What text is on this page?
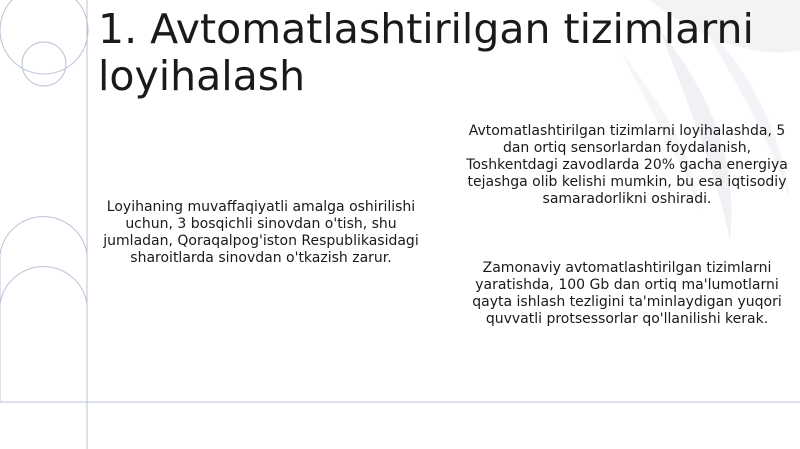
1. Avtomatlashtirilgan tizimlarni loyihalash

Loyihaning muvaffaqiyatli amalga oshirilishi uchun, 3 bosqichli sinovdan o'tish, shu jumladan, Qoraqalpog'iston Respublikasidagi sharoitlarda sinovdan o'tkazish zarur.

Avtomatlashtirilgan tizimlarni loyihalashda, 5 dan ortiq sensorlardan foydalanish, Toshkentdagi zavodlarda 20% gacha energiya tejashga olib kelishi mumkin, bu esa iqtisodiy samaradorlikni oshiradi.

Zamonaviy avtomatlashtirilgan tizimlarni yaratishda, 100 Gb dan ortiq ma'lumotlarni qayta ishlash tezligini ta'minlaydigan yuqori quvvatli protsessorlar qo'llanilishi kerak.
